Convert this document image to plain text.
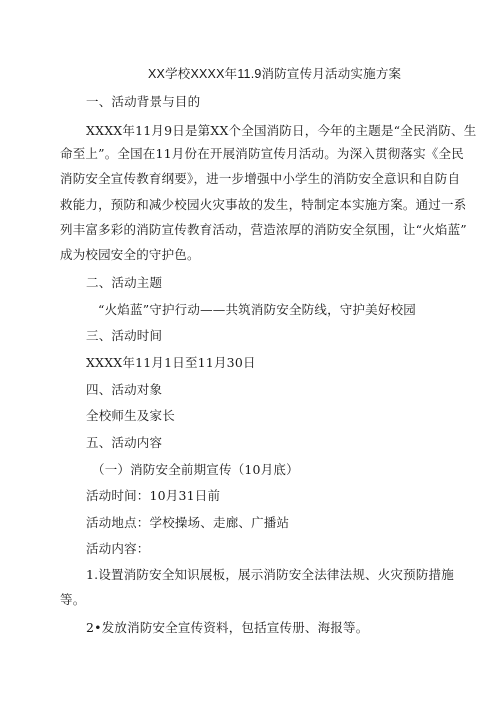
XX学校XXXX年11.9消防宣传月活动实施方案
一、活动背景与目的
XXXX年11月9日是第XX个全国消防日，今年的主题是“全民消防、生
命至上”。全国在11月份在开展消防宣传月活动。为深入贯彻落实《全民
消防安全宣传教育纲要》，进一步增强中小学生的消防安全意识和自防自
救能力，预防和减少校园火灾事故的发生，特制定本实施方案。通过一系
列丰富多彩的消防宣传教育活动，营造浓厚的消防安全氛围，让“火焰蓝”
成为校园安全的守护色。
二、活动主题
“火焰蓝”守护行动——共筑消防安全防线，守护美好校园
三、活动时间
XXXX年11月1日至11月30日
四、活动对象
全校师生及家长
五、活动内容
（一）消防安全前期宣传（10月底）
活动时间：10月31日前
活动地点：学校操场、走廊、广播站
活动内容：
1.设置消防安全知识展板，展示消防安全法律法规、火灾预防措施
等。
2•发放消防安全宣传资料，包括宣传册、海报等。
